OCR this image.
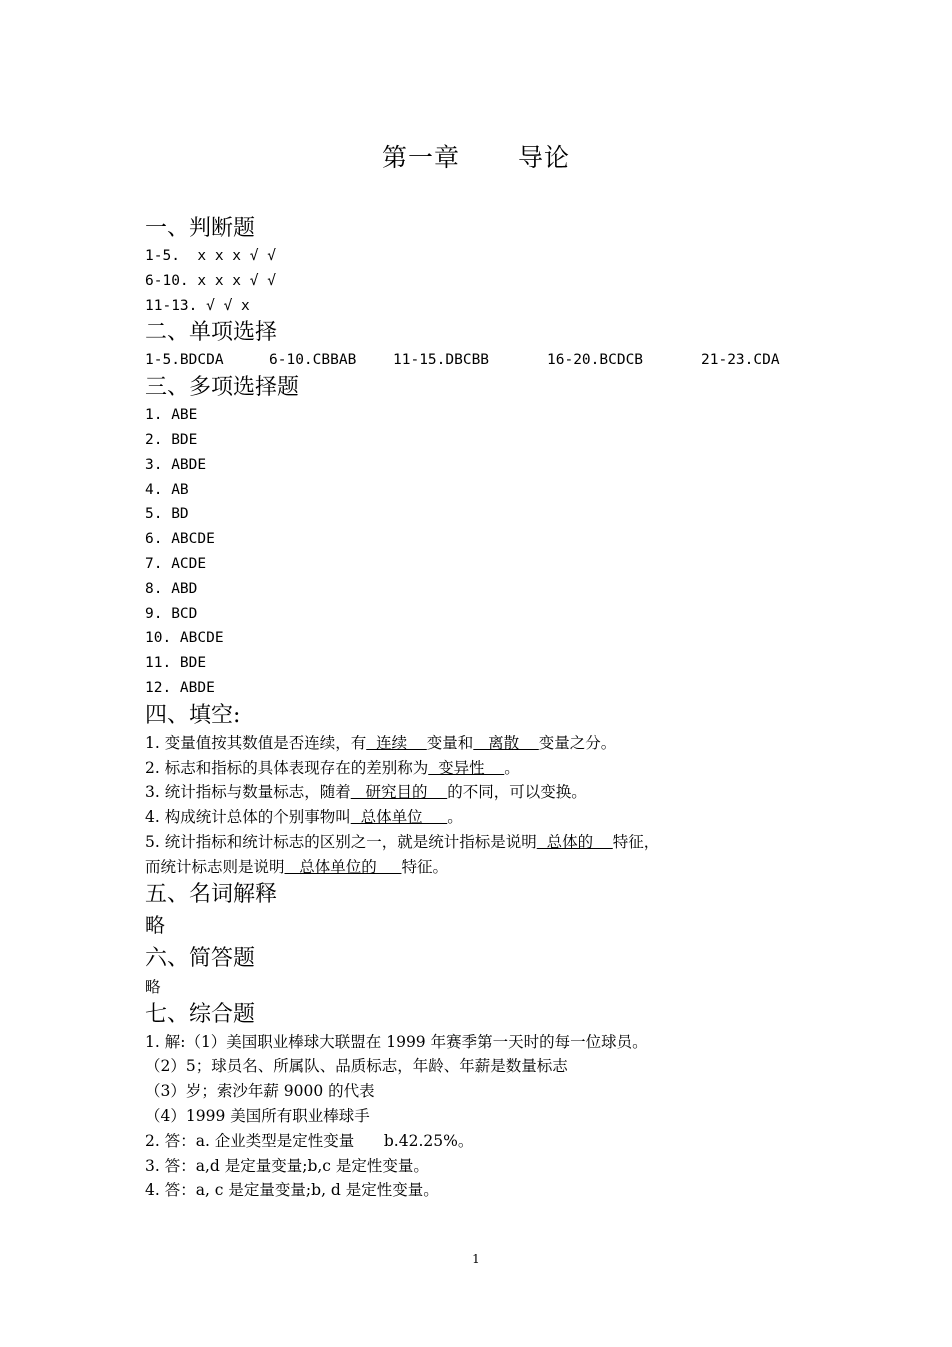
第一章 导论
一、判断题
1-5.  x x x √ √
6-10. x x x √ √
11-13. √ √ x
二、单项选择
1-5.BDCDA	6-10.CBBAB	11-15.DBCBB	16-20.BCDCB	21-23.CDA
三、多项选择题
1. ABE
2. BDE
3. ABDE
4. AB
5. BD
6. ABCDE
7. ACDE
8. ABD
9. BCD
10. ABCDE
11. BDE
12. ABDE
四、填空:
1. 变量值按其数值是否连续，有  连续    变量和   离散    变量之分。
2. 标志和指标的具体表现存在的差别称为  变异性    。
3. 统计指标与数量标志，随着   研究目的    的不同，可以变换。
4. 构成统计总体的个别事物叫  总体单位     。
5. 统计指标和统计标志的区别之一，就是统计指标是说明  总体的    特征，
而统计标志则是说明   总体单位的     特征。
五、名词解释
略
六、简答题
略
七、综合题
1. 解:（1）美国职业棒球大联盟在 1999 年赛季第一天时的每一位球员。
（2）5；球员名、所属队、品质标志，年龄、年薪是数量标志
（3）岁；索沙年薪 9000 的代表
（4）1999 美国所有职业棒球手
2. 答：a. 企业类型是定性变量      b.42.25%。
3. 答：a,d 是定量变量;b,c 是定性变量。
4. 答：a, c 是定量变量;b, d 是定性变量。
1
